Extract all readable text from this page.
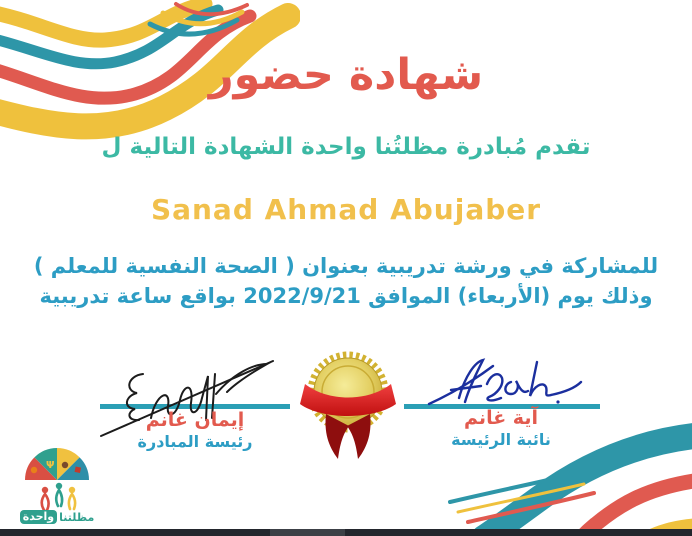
شهادة حضور
تقدم مُبادرة مظلتُنا واحدة الشهادة التالية ل
Sanad Ahmad Abujaber
للمشاركة في ورشة تدريبية بعنوان ( الصحة النفسية للمعلم )
وذلك يوم (الأربعاء) الموافق 2022/9/21 بواقع ساعة تدريبية
Ψ
مظلتنا
واحدة
إيمان غانم
رئيسة المبادرة
آية غانم
نائبة الرئيسة
